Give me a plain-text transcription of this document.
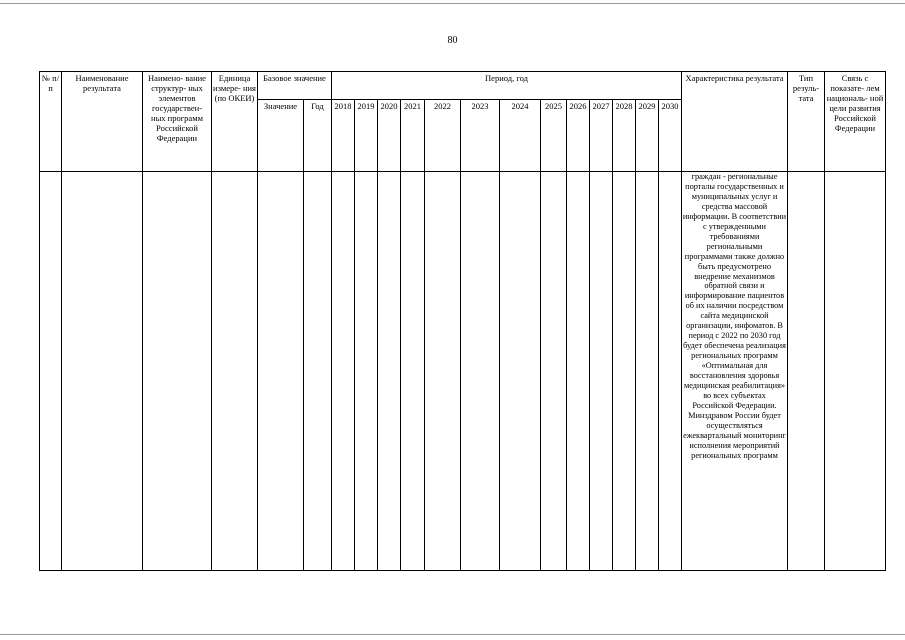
80
№ п/п	Наименование результата	Наимено- вание структур- ных элементов государствен- ных программ Российской Федерации	Единица измере- ния (по ОКЕИ)	Базовое значение		Период, год													Характеристика результата	Тип резуль- тата	Связь с показате- лем националь- ной цели развития Российской Федерации
				Значение	Год	2018	2019	2020	2021	2022	2023	2024	2025	2026	2027	2028	2029	2030			
																			граждан - региональные порталы государственных и муниципальных услуг и средства массовой информации. В соответствии с утвержденными требованиями региональными программами также должно быть предусмотрено внедрение механизмов обратной связи и информирование пациентов об их наличии посредством сайта медицинской организации, инфоматов. В период с 2022 по 2030 год будет обеспечена реализация региональных программ «Оптимальная для восстановления здоровья медицинская реабилитация» во всех субъектах Российской Федерации. Минздравом России будет осуществляться ежеквартальный мониторинг исполнения мероприятий региональных программ		
